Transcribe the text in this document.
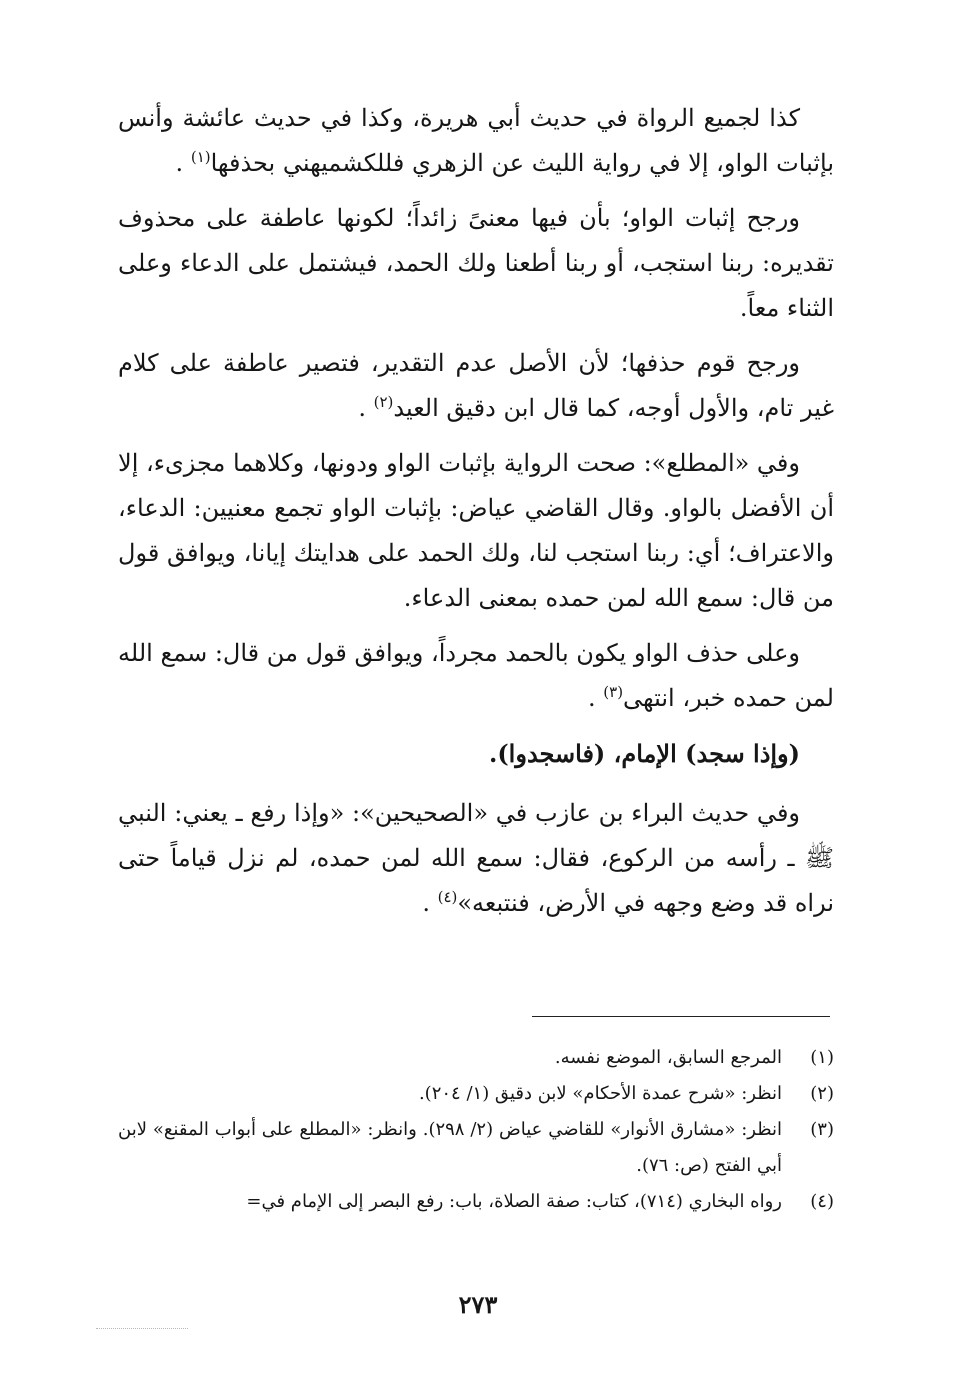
كذا لجميع الرواة في حديث أبي هريرة، وكذا في حديث عائشة وأنس بإثبات الواو، إلا في رواية الليث عن الزهري فللكشميهني بحذفها$^{(١)}$ .

ورجح إثبات الواو؛ بأن فيها معنىً زائداً؛ لكونها عاطفة على محذوف تقديره: ربنا استجب، أو ربنا أطعنا ولك الحمد، فيشتمل على الدعاء وعلى الثناء معاً.

ورجح قوم حذفها؛ لأن الأصل عدم التقدير، فتصير عاطفة على كلام غير تام، والأول أوجه، كما قال ابن دقيق العيد$^{(٢)}$ .

وفي «المطلع»: صحت الرواية بإثبات الواو ودونها، وكلاهما مجزىء، إلا أن الأفضل بالواو. وقال القاضي عياض: بإثبات الواو تجمع معنيين: الدعاء، والاعتراف؛ أي: ربنا استجب لنا، ولك الحمد على هدايتك إيانا، ويوافق قول من قال: سمع الله لمن حمده بمعنى الدعاء.

وعلى حذف الواو يكون بالحمد مجرداً، ويوافق قول من قال: سمع الله لمن حمده خبر، انتهى$^{(٣)}$ .

(وإذا سجد) الإمام، (فاسجدوا).

وفي حديث البراء بن عازب في «الصحيحين»: «وإذا رفع ـ يعني: النبي ﷺ ـ رأسه من الركوع، فقال: سمع الله لمن حمده، لم نزل قياماً حتى نراه قد وضع وجهه في الأرض، فنتبعه»$^{(٤)}$ .

(١)
المرجع السابق، الموضع نفسه.
(٢)
انظر: «شرح عمدة الأحكام» لابن دقيق (١/ ٢٠٤).
(٣)
انظر: «مشارق الأنوار» للقاضي عياض (٢/ ٢٩٨). وانظر: «المطلع على أبواب المقنع» لابن أبي الفتح (ص: ٧٦).
(٤)
رواه البخاري (٧١٤)، كتاب: صفة الصلاة، باب: رفع البصر إلى الإمام في=
٢٧٣
